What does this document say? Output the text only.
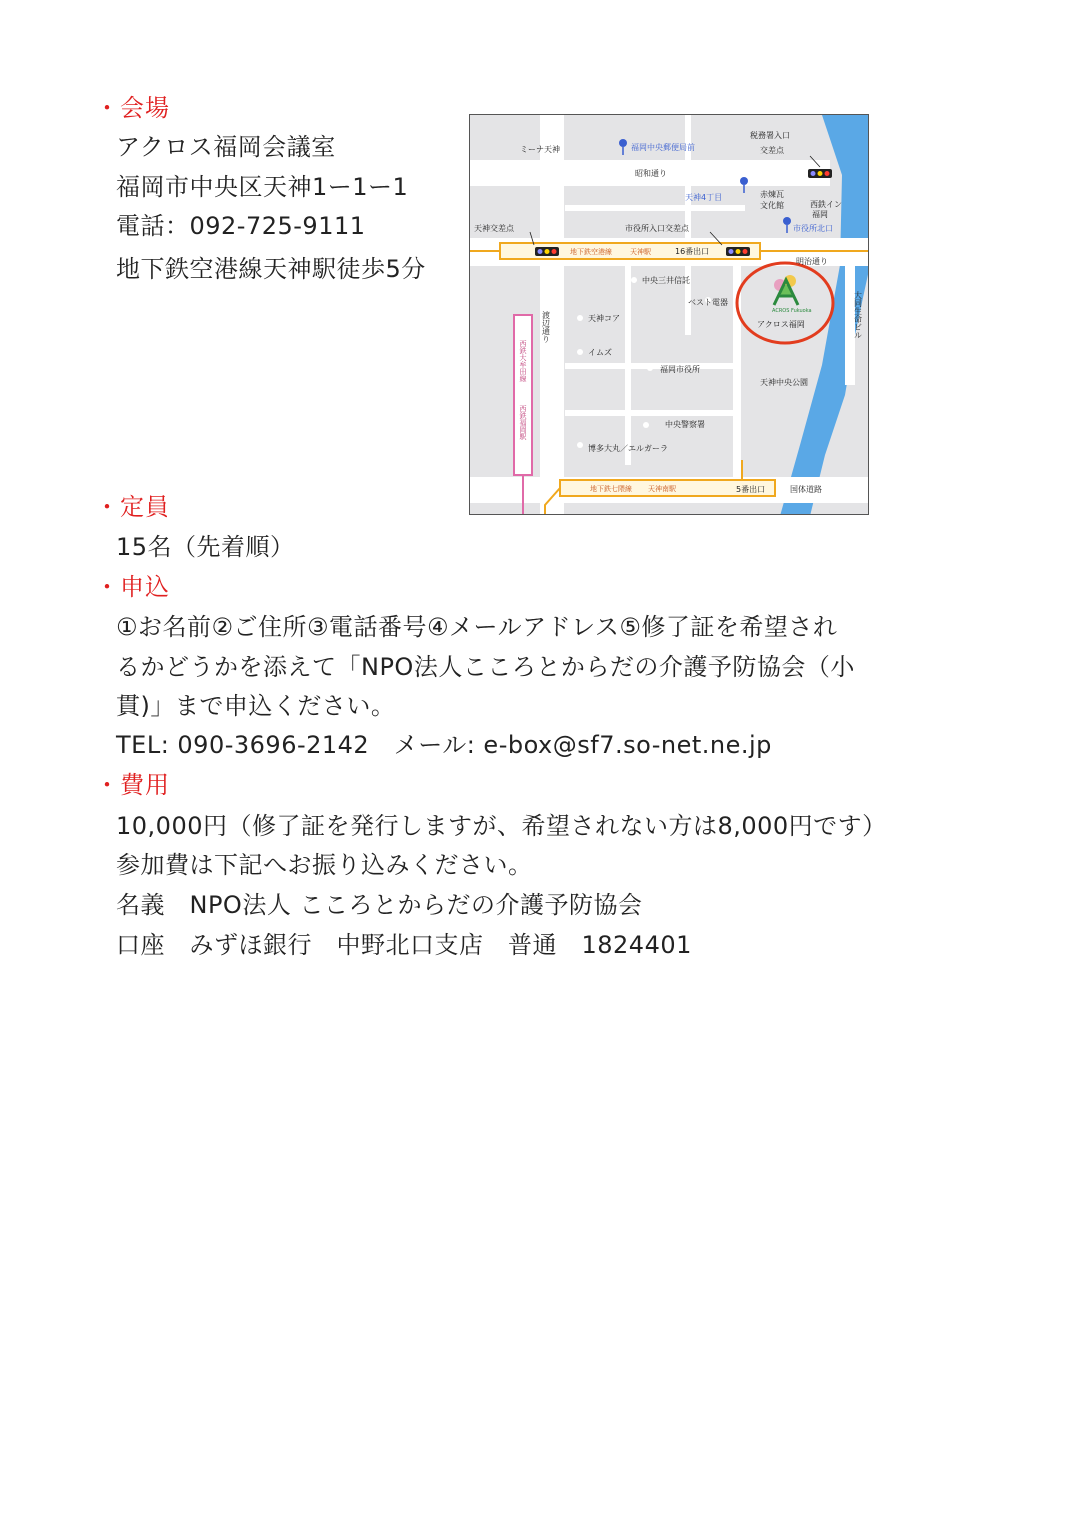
・会場
アクロス福岡会議室
福岡市中央区天神1ー1ー1
電話：092-725-9111
地下鉄空港線天神駅徒歩5分
ミーナ天神	福岡中央郵便局前
税務署入口
交差点
昭和通り
天神4丁目	赤煉瓦
文化館	西鉄イン
福岡
天神交差点	市役所入口交差点	市役所北口
地下鉄空港線	天神駅	16番出口
明治通り
中央三井信託
ベスト電器
渡辺通り
西鉄大牟田線
西鉄福岡駅
天神コア
イムズ
福岡市役所
天神中央公園
中央警察署
博多大丸／エルガーラ
地下鉄七隈線 天神南駅	5番出口	国体道路
大同生命ビル
ACROS Fukuoka
アクロス福岡
・定員
15名（先着順）
・申込
①お名前②ご住所③電話番号④メールアドレス⑤修了証を希望され
るかどうかを添えて「NPO法人こころとからだの介護予防協会（小
貫)」まで申込ください。
TEL: 090-3696-2142　メール: e-box@sf7.so-net.ne.jp
・費用
10,000円（修了証を発行しますが、希望されない方は8,000円です）
参加費は下記へお振り込みください。
名義　NPO法人 こころとからだの介護予防協会
口座　みずほ銀行　中野北口支店　普通　1824401
